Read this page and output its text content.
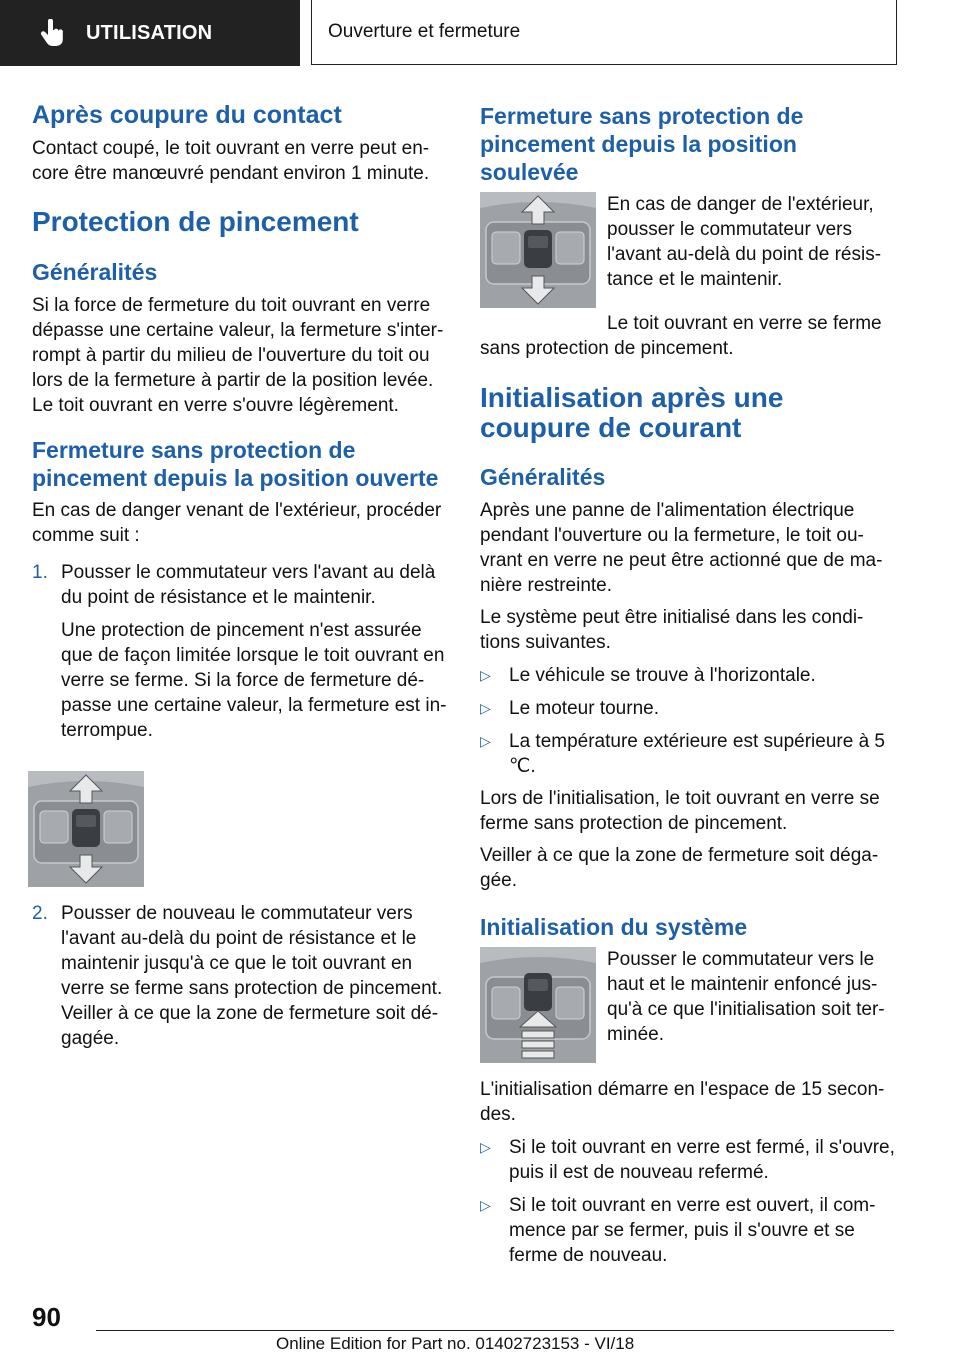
UTILISATION	Ouverture et fermeture
Après coupure du contact

Contact coupé, le toit ouvrant en verre peut en-core être manœuvré pendant environ 1 minute.

Protection de pincement
Généralités

Si la force de fermeture du toit ouvrant en verre dépasse une certaine valeur, la fermeture s'inter-rompt à partir du milieu de l'ouverture du toit ou lors de la fermeture à partir de la position levée. Le toit ouvrant en verre s'ouvre légèrement.

Fermeture sans protection de pincement depuis la position ouverte

En cas de danger venant de l'extérieur, procéder comme suit :

1. Pousser le commutateur vers l'avant au delà du point de résistance et le maintenir.

Une protection de pincement n'est assurée que de façon limitée lorsque le toit ouvrant en verre se ferme. Si la force de fermeture dé-passe une certaine valeur, la fermeture est in-terrompue.

2. Pousser de nouveau le commutateur vers l'avant au-delà du point de résistance et le maintenir jusqu'à ce que le toit ouvrant en verre se ferme sans protection de pincement. Veiller à ce que la zone de fermeture soit dé-gagée.

Fermeture sans protection de pincement depuis la position soulevée

En cas de danger de l'extérieur, pousser le commutateur vers l'avant au-delà du point de résis-tance et le maintenir.

Le toit ouvrant en verre se ferme sans protection de pincement.

Initialisation après une coupure de courant
Généralités

Après une panne de l'alimentation électrique pendant l'ouverture ou la fermeture, le toit ou-vrant en verre ne peut être actionné que de ma-nière restreinte.

Le système peut être initialisé dans les condi-tions suivantes.

▷ Le véhicule se trouve à l'horizontale.

▷ Le moteur tourne.

▷ La température extérieure est supérieure à 5 ℃.

Lors de l'initialisation, le toit ouvrant en verre se ferme sans protection de pincement.

Veiller à ce que la zone de fermeture soit déga-gée.

Initialisation du système

Pousser le commutateur vers le haut et le maintenir enfoncé jus-qu'à ce que l'initialisation soit ter-minée.

L'initialisation démarre en l'espace de 15 secon-des.

▷ Si le toit ouvrant en verre est fermé, il s'ouvre, puis il est de nouveau refermé.

▷ Si le toit ouvrant en verre est ouvert, il com-mence par se fermer, puis il s'ouvre et se ferme de nouveau.

90
Online Edition for Part no. 01402723153 - VI/18
